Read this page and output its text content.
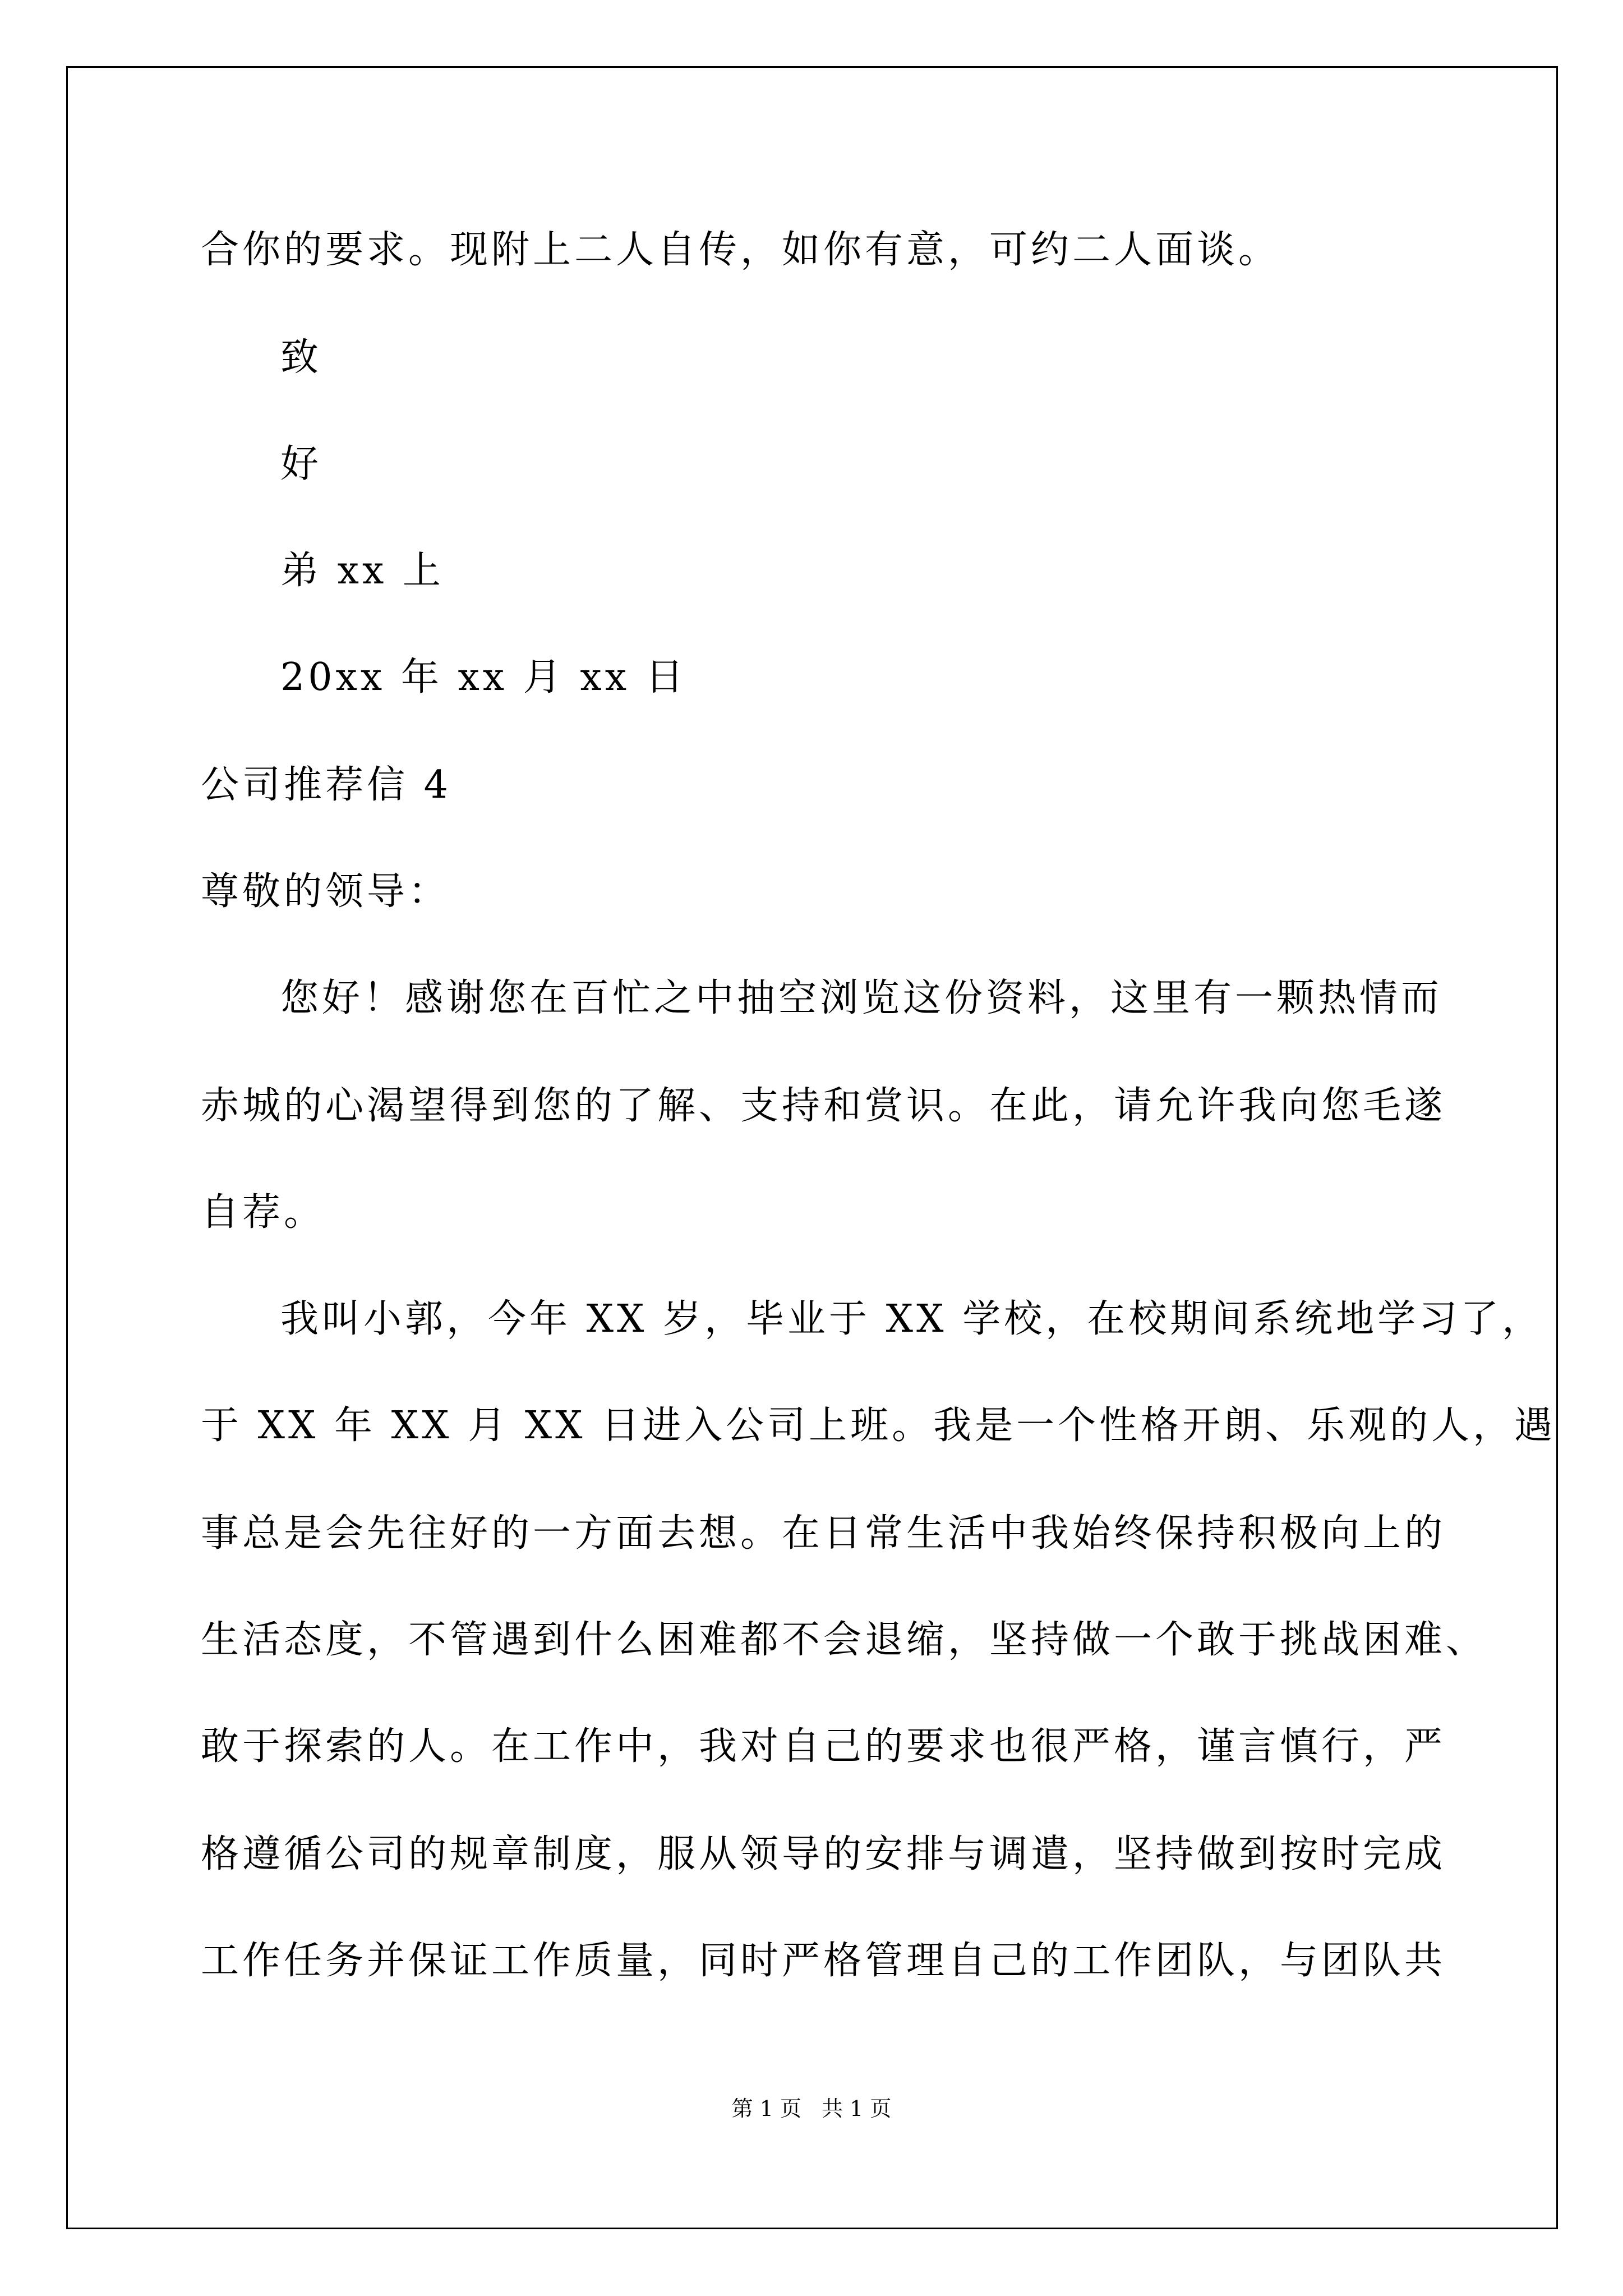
合你的要求。现附上二人自传，如你有意，可约二人面谈。
致
好
弟 xx 上
20xx 年 xx 月 xx 日
公司推荐信 4
尊敬的领导：
您好！感谢您在百忙之中抽空浏览这份资料，这里有一颗热情而
赤城的心渴望得到您的了解、支持和赏识。在此，请允许我向您毛遂
自荐。
我叫小郭，今年 XX 岁，毕业于 XX 学校，在校期间系统地学习了，
于 XX 年 XX 月 XX 日进入公司上班。我是一个性格开朗、乐观的人，遇
事总是会先往好的一方面去想。在日常生活中我始终保持积极向上的
生活态度，不管遇到什么困难都不会退缩，坚持做一个敢于挑战困难、
敢于探索的人。在工作中，我对自己的要求也很严格，谨言慎行，严
格遵循公司的规章制度，服从领导的安排与调遣，坚持做到按时完成
工作任务并保证工作质量，同时严格管理自己的工作团队，与团队共
第 1 页 共 1 页
